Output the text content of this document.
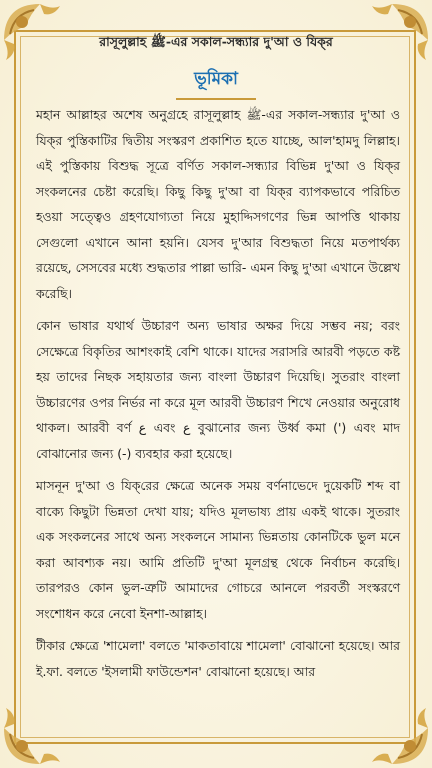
রাসূলুল্লাহ ﷺ-এর সকাল-সন্ধ্যার দু'আ ও যিক্‌র
ভূমিকা

মহান আল্লাহর অশেষ অনুগ্রহে রাসূলুল্লাহ ﷺ-এর সকাল-সন্ধ্যার দু'আ ও যিক্‌র পুস্তিকাটির দ্বিতীয় সংস্করণ প্রকাশিত হতে যাচ্ছে, আল'হামদু লিল্লাহ। এই পুস্তিকায় বিশুদ্ধ সূত্রে বর্ণিত সকাল-সন্ধ্যার বিভিন্ন দু'আ ও যিক্‌র সংকলনের চেষ্টা করেছি। কিছু কিছু দু'আ বা যিক্‌র ব্যাপকভাবে পরিচিত হওয়া সত্ত্বেও গ্রহণযোগ্যতা নিয়ে মুহাদ্দিসগণের ভিন্ন আপত্তি থাকায় সেগুলো এখানে আনা হয়নি। যেসব দু'আর বিশুদ্ধতা নিয়ে মতপার্থক্য রয়েছে, সেসবের মধ্যে শুদ্ধতার পাল্লা ভারি- এমন কিছু দু'আ এখানে উল্লেখ করেছি।

কোন ভাষার যথার্থ উচ্চারণ অন্য ভাষার অক্ষর দিয়ে সম্ভব নয়; বরং সেক্ষেত্রে বিকৃতির আশংকাই বেশি থাকে। যাদের সরাসরি আরবী পড়তে কষ্ট হয় তাদের নিছক সহায়তার জন্য বাংলা উচ্চারণ দিয়েছি। সুতরাং বাংলা উচ্চারণের ওপর নির্ভর না করে মূল আরবী উচ্চারণ শিখে নেওয়ার অনুরোধ থাকল। আরবী বর্ণ ع এবং ع বুঝানোর জন্য উর্ধ্ব কমা (') এবং মাদ বোঝানোর জন্য (-) ব্যবহার করা হয়েছে।

মাসনূন দু'আ ও যিক্‌রের ক্ষেত্রে অনেক সময় বর্ণনাভেদে দুয়েকটি শব্দ বা বাক্যে কিছুটা ভিন্নতা দেখা যায়; যদিও মূলভাষ্য প্রায় একই থাকে। সুতরাং এক সংকলনের সাথে অন্য সংকলনে সামান্য ভিন্নতায় কোনটিকে ভুল মনে করা আবশ্যক নয়। আমি প্রতিটি দু'আ মূলগ্রন্থ থেকে নির্বাচন করেছি। তারপরও কোন ভুল-ত্রুটি আমাদের গোচরে আনলে পরবর্তী সংস্করণে সংশোধন করে নেবো ইনশা-আল্লাহ।

টীকার ক্ষেত্রে 'শামেলা' বলতে 'মাকতাবায়ে শামেলা' বোঝানো হয়েছে। আর ই.ফা. বলতে 'ইসলামী ফাউন্ডেশন' বোঝানো হয়েছে। আর
